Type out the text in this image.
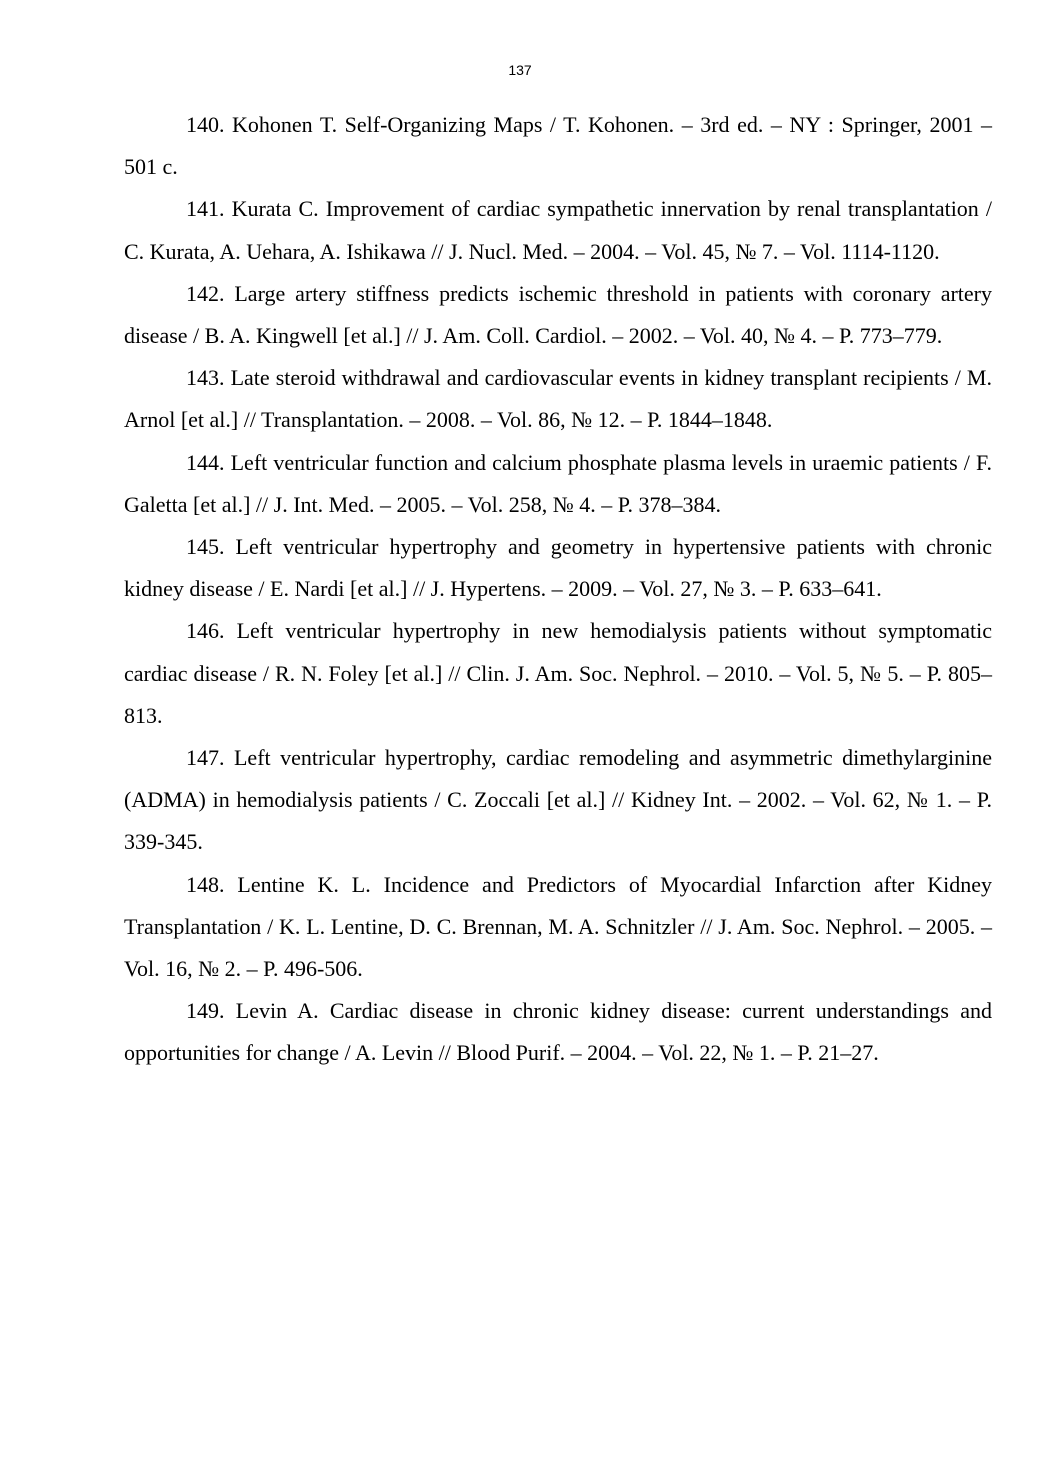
137
140. Kohonen T. Self-Organizing Maps / T. Kohonen. – 3rd ed. – NY : Springer, 2001 – 501 c.
141. Kurata C. Improvement of cardiac sympathetic innervation by renal transplantation / C. Kurata, A. Uehara, A. Ishikawa // J. Nucl. Med. – 2004. – Vol. 45, № 7. – Vol. 1114-1120.
142. Large artery stiffness predicts ischemic threshold in patients with coronary artery disease / B. A. Kingwell [et al.] // J. Am. Coll. Cardiol. – 2002. – Vol. 40, № 4. – P. 773–779.
143. Late steroid withdrawal and cardiovascular events in kidney transplant recipients / M. Arnol [et al.] // Transplantation. – 2008. – Vol. 86, № 12. – P. 1844–1848.
144. Left ventricular function and calcium phosphate plasma levels in uraemic patients / F. Galetta [et al.] // J. Int. Med. – 2005. – Vol. 258, № 4. – P. 378–384.
145. Left ventricular hypertrophy and geometry in hypertensive patients with chronic kidney disease / E. Nardi [et al.] // J. Hypertens. – 2009. – Vol. 27, № 3. – P. 633–641.
146. Left ventricular hypertrophy in new hemodialysis patients without symptomatic cardiac disease / R. N. Foley [et al.] // Clin. J. Am. Soc. Nephrol. – 2010. – Vol. 5, № 5. – P. 805–813.
147. Left ventricular hypertrophy, cardiac remodeling and asymmetric dimethylarginine (ADMA) in hemodialysis patients / C. Zoccali [et al.] // Kidney Int. – 2002. – Vol. 62, № 1. – P. 339-345.
148. Lentine K. L. Incidence and Predictors of Myocardial Infarction after Kidney Transplantation / K. L. Lentine, D. C. Brennan, M. A. Schnitzler // J. Am. Soc. Nephrol. – 2005. – Vol. 16, № 2. – P. 496-506.
149. Levin A. Cardiac disease in chronic kidney disease: current understandings and opportunities for change / A. Levin // Blood Purif. – 2004. – Vol. 22, № 1. – P. 21–27.
